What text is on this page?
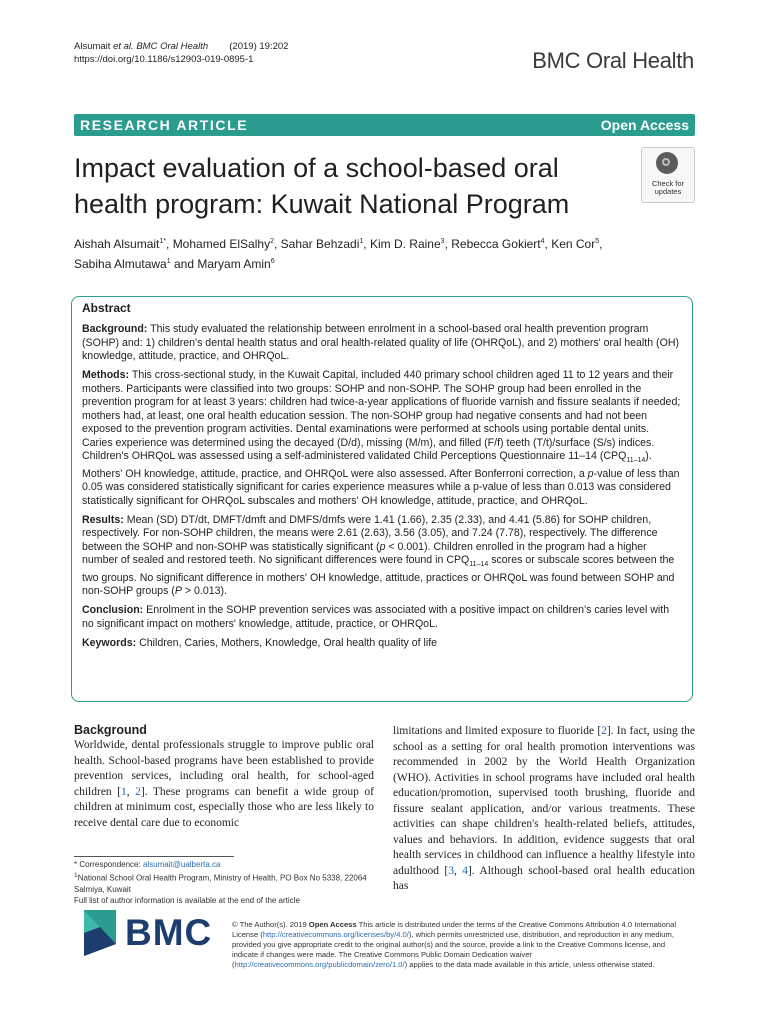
Alsumait et al. BMC Oral Health (2019) 19:202
https://doi.org/10.1186/s12903-019-0895-1	BMC Oral Health
RESEARCH ARTICLE	Open Access
Impact evaluation of a school-based oral health program: Kuwait National Program
Check for
updates
Aishah Alsumait$^{1*}$, Mohamed ElSalhy$^2$, Sahar Behzadi$^1$, Kim D. Raine$^3$, Rebecca Gokiert$^4$, Ken Cor$^5$,
Sabiha Almutawa$^1$ and Maryam Amin$^6$
Abstract

Background: This study evaluated the relationship between enrolment in a school-based oral health prevention program (SOHP) and: 1) children's dental health status and oral health-related quality of life (OHRQoL), and 2) mothers' oral health (OH) knowledge, attitude, practice, and OHRQoL.

Methods: This cross-sectional study, in the Kuwait Capital, included 440 primary school children aged 11 to 12 years and their mothers. Participants were classified into two groups: SOHP and non-SOHP. The SOHP group had been enrolled in the prevention program for at least 3 years: children had twice-a-year applications of fluoride varnish and fissure sealants if needed; mothers had, at least, one oral health education session. The non-SOHP group had negative consents and had not been exposed to the prevention program activities. Dental examinations were performed at schools using portable dental units. Caries experience was determined using the decayed (D/d), missing (M/m), and filled (F/f) teeth (T/t)/surface (S/s) indices. Children's OHRQoL was assessed using a self-administered validated Child Perceptions Questionnaire 11–14 $(CPQ_{11-14})$. Mothers' OH knowledge, attitude, practice, and OHRQoL were also assessed. After Bonferroni correction, a p-value of less than 0.05 was considered statistically significant for caries experience measures while a p-value of less than 0.013 was considered statistically significant for OHRQoL subscales and mothers' OH knowledge, attitude, practice, and OHRQoL.

Results: Mean (SD) DT/dt, DMFT/dmft and DMFS/dmfs were 1.41 (1.66), 2.35 (2.33), and 4.41 (5.86) for SOHP children, respectively. For non-SOHP children, the means were 2.61 (2.63), 3.56 (3.05), and 7.24 (7.78), respectively. The difference between the SOHP and non-SOHP was statistically significant (p < 0.001). Children enrolled in the program had a higher number of sealed and restored teeth. No significant differences were found in $CPQ_{11-14}$ scores or subscale scores between the two groups. No significant difference in mothers' OH knowledge, attitude, practices or OHRQoL was found between SOHP and non-SOHP groups (P > 0.013).

Conclusion: Enrolment in the SOHP prevention services was associated with a positive impact on children's caries level with no significant impact on mothers' knowledge, attitude, practice, or OHRQoL.

Keywords: Children, Caries, Mothers, Knowledge, Oral health quality of life

Background
Worldwide, dental professionals struggle to improve public oral health. School-based programs have been established to provide prevention services, including oral health, for school-aged children [1, 2]. These programs can benefit a wide group of children at minimum cost, especially those who are less likely to receive dental care due to economic
limitations and limited exposure to fluoride [2]. In fact, using the school as a setting for oral health promotion interventions was recommended in 2002 by the World Health Organization (WHO). Activities in school programs have included oral health education/promotion, supervised tooth brushing, fluoride and fissure sealant application, and/or various treatments. These activities can shape children's health-related beliefs, attitudes, values and behaviors. In addition, evidence suggests that oral health services in childhood can influence a healthy lifestyle into adulthood [3, 4]. Although school-based oral health education has
* Correspondence: alsumait@ualberta.ca
$^1$National School Oral Health Program, Ministry of Health, PO Box No 5338, 22064 Salmiya, Kuwait
Full list of author information is available at the end of the article
BMC	© The Author(s). 2019 Open Access This article is distributed under the terms of the Creative Commons Attribution 4.0 International License (http://creativecommons.org/licenses/by/4.0/), which permits unrestricted use, distribution, and reproduction in any medium, provided you give appropriate credit to the original author(s) and the source, provide a link to the Creative Commons license, and indicate if changes were made. The Creative Commons Public Domain Dedication waiver (http://creativecommons.org/publicdomain/zero/1.0/) applies to the data made available in this article, unless otherwise stated.
